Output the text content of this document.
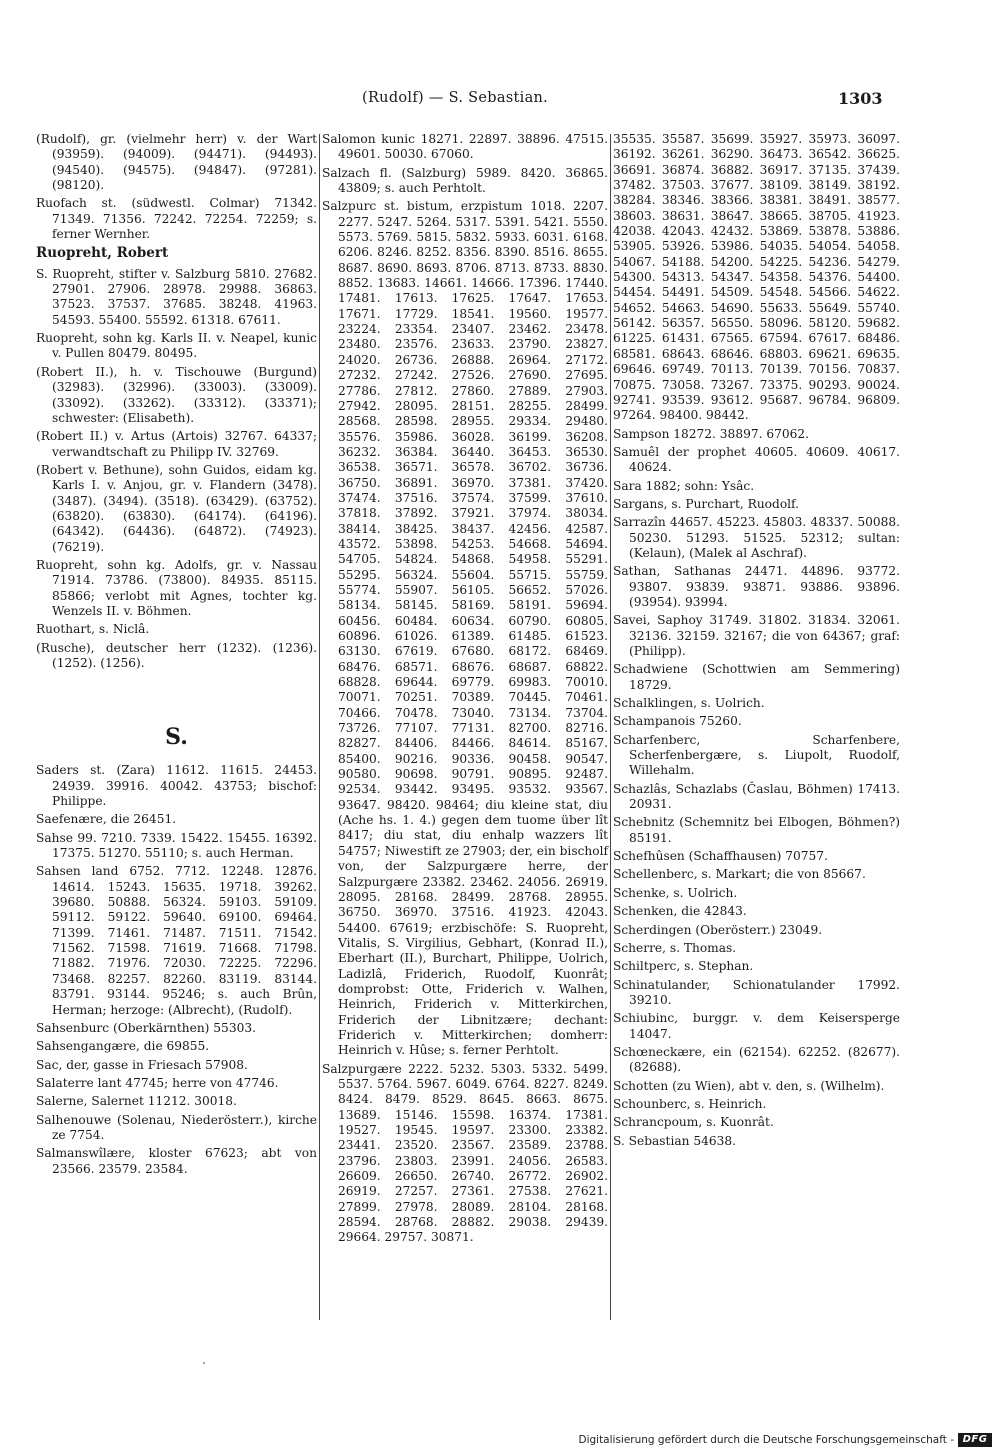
(Rudolf) — S. Sebastian.	1303
(Rudolf), gr. (vielmehr herr) v. der Wart (93959). (94009). (94471). (94493). (94540). (94575). (94847). (97281). (98120).
Ruofach st. (südwestl. Colmar) 71342. 71349. 71356. 72242. 72254. 72259; s. ferner Wernher.
Ruopreht, Robert
S. Ruopreht, stifter v. Salzburg 5810. 27682. 27901. 27906. 28978. 29988. 36863. 37523. 37537. 37685. 38248. 41963. 54593. 55400. 55592. 61318. 67611.
Ruopreht, sohn kg. Karls II. v. Neapel, kunic v. Pullen 80479. 80495.
(Robert II.), h. v. Tischouwe (Burgund) (32983). (32996). (33003). (33009). (33092). (33262). (33312). (33371); schwester: (Elisabeth).
(Robert II.) v. Artus (Artois) 32767. 64337; verwandtschaft zu Philipp IV. 32769.
(Robert v. Bethune), sohn Guidos, eidam kg. Karls I. v. Anjou, gr. v. Flandern (3478). (3487). (3494). (3518). (63429). (63752). (63820). (63830). (64174). (64196). (64342). (64436). (64872). (74923). (76219).
Ruopreht, sohn kg. Adolfs, gr. v. Nassau 71914. 73786. (73800). 84935. 85115. 85866; verlobt mit Agnes, tochter kg. Wenzels II. v. Böhmen.
Ruothart, s. Niclâ.
(Rusche), deutscher herr (1232). (1236). (1252). (1256).
S.
Saders st. (Zara) 11612. 11615. 24453. 24939. 39916. 40042. 43753; bischof: Philippe.
Saefenære, die 26451.
Sahse 99. 7210. 7339. 15422. 15455. 16392. 17375. 51270. 55110; s. auch Herman.
Sahsen land 6752. 7712. 12248. 12876. 14614. 15243. 15635. 19718. 39262. 39680. 50888. 56324. 59103. 59109. 59112. 59122. 59640. 69100. 69464. 71399. 71461. 71487. 71511. 71542. 71562. 71598. 71619. 71668. 71798. 71882. 71976. 72030. 72225. 72296. 73468. 82257. 82260. 83119. 83144. 83791. 93144. 95246; s. auch Brûn, Herman; herzoge: (Albrecht), (Rudolf).
Sahsenburc (Oberkärnthen) 55303.
Sahsengangære, die 69855.
Sac, der, gasse in Friesach 57908.
Salaterre lant 47745; herre von 47746.
Salerne, Salernet 11212. 30018.
Salhenouwe (Solenau, Niederösterr.), kirche ze 7754.
Salmanswîlære, kloster 67623; abt von 23566. 23579. 23584.
Salomon kunic 18271. 22897. 38896. 47515. 49601. 50030. 67060.
Salzach fl. (Salzburg) 5989. 8420. 36865. 43809; s. auch Perhtolt.
Salzpurc st. bistum, erzpistum 1018. 2207. 2277. 5247. 5264. 5317. 5391. 5421. 5550. 5573. 5769. 5815. 5832. 5933. 6031. 6168. 6206. 8246. 8252. 8356. 8390. 8516. 8655. 8687. 8690. 8693. 8706. 8713. 8733. 8830. 8852. 13683. 14661. 14666. 17396. 17440. 17481. 17613. 17625. 17647. 17653. 17671. 17729. 18541. 19560. 19577. 23224. 23354. 23407. 23462. 23478. 23480. 23576. 23633. 23790. 23827. 24020. 26736. 26888. 26964. 27172. 27232. 27242. 27526. 27690. 27695. 27786. 27812. 27860. 27889. 27903. 27942. 28095. 28151. 28255. 28499. 28568. 28598. 28955. 29334. 29480. 35576. 35986. 36028. 36199. 36208. 36232. 36384. 36440. 36453. 36530. 36538. 36571. 36578. 36702. 36736. 36750. 36891. 36970. 37381. 37420. 37474. 37516. 37574. 37599. 37610. 37818. 37892. 37921. 37974. 38034. 38414. 38425. 38437. 42456. 42587. 43572. 53898. 54253. 54668. 54694. 54705. 54824. 54868. 54958. 55291. 55295. 56324. 55604. 55715. 55759. 55774. 55907. 56105. 56652. 57026. 58134. 58145. 58169. 58191. 59694. 60456. 60484. 60634. 60790. 60805. 60896. 61026. 61389. 61485. 61523. 63130. 67619. 67680. 68172. 68469. 68476. 68571. 68676. 68687. 68822. 68828. 69644. 69779. 69983. 70010. 70071. 70251. 70389. 70445. 70461. 70466. 70478. 73040. 73134. 73704. 73726. 77107. 77131. 82700. 82716. 82827. 84406. 84466. 84614. 85167. 85400. 90216. 90336. 90458. 90547. 90580. 90698. 90791. 90895. 92487. 92534. 93442. 93495. 93532. 93567. 93647. 98420. 98464; diu kleine stat, diu (Ache hs. 1. 4.) gegen dem tuome über lît 8417; diu stat, diu enhalp wazzers lît 54757; Niwestift ze 27903; der, ein bischolf von, der Salzpurgære herre, der Salzpurgære 23382. 23462. 24056. 26919. 28095. 28168. 28499. 28768. 28955. 36750. 36970. 37516. 41923. 42043. 54400. 67619; erzbischöfe: S. Ruopreht, Vitalis, S. Virgilius, Gebhart, (Konrad II.), Eberhart (II.), Burchart, Philippe, Uolrich, Ladizlâ, Friderich, Ruodolf, Kuonrât; domprobst: Otte, Friderich v. Walhen, Heinrich, Friderich v. Mitterkirchen, Friderich der Libnitzære; dechant: Friderich v. Mitterkirchen; domherr: Heinrich v. Hûse; s. ferner Perhtolt.
Salzpurgære 2222. 5232. 5303. 5332. 5499. 5537. 5764. 5967. 6049. 6764. 8227. 8249. 8424. 8479. 8529. 8645. 8663. 8675. 13689. 15146. 15598. 16374. 17381. 19527. 19545. 19597. 23300. 23382. 23441. 23520. 23567. 23589. 23788. 23796. 23803. 23991. 24056. 26583. 26609. 26650. 26740. 26772. 26902. 26919. 27257. 27361. 27538. 27621. 27899. 27978. 28089. 28104. 28168. 28594. 28768. 28882. 29038. 29439. 29664. 29757. 30871.
35535. 35587. 35699. 35927. 35973. 36097. 36192. 36261. 36290. 36473. 36542. 36625. 36691. 36874. 36882. 36917. 37135. 37439. 37482. 37503. 37677. 38109. 38149. 38192. 38284. 38346. 38366. 38381. 38491. 38577. 38603. 38631. 38647. 38665. 38705. 41923. 42038. 42043. 42432. 53869. 53878. 53886. 53905. 53926. 53986. 54035. 54054. 54058. 54067. 54188. 54200. 54225. 54236. 54279. 54300. 54313. 54347. 54358. 54376. 54400. 54454. 54491. 54509. 54548. 54566. 54622. 54652. 54663. 54690. 55633. 55649. 55740. 56142. 56357. 56550. 58096. 58120. 59682. 61225. 61431. 67565. 67594. 67617. 68486. 68581. 68643. 68646. 68803. 69621. 69635. 69646. 69749. 70113. 70139. 70156. 70837. 70875. 73058. 73267. 73375. 90293. 90024. 92741. 93539. 93612. 95687. 96784. 96809. 97264. 98400. 98442.
Sampson 18272. 38897. 67062.
Samuêl der prophet 40605. 40609. 40617. 40624.
Sara 1882; sohn: Ysâc.
Sargans, s. Purchart, Ruodolf.
Sarrazîn 44657. 45223. 45803. 48337. 50088. 50230. 51293. 51525. 52312; sultan: (Kelaun), (Malek al Aschraf).
Sathan, Sathanas 24471. 44896. 93772. 93807. 93839. 93871. 93886. 93896. (93954). 93994.
Savei, Saphoy 31749. 31802. 31834. 32061. 32136. 32159. 32167; die von 64367; graf: (Philipp).
Schadwiene (Schottwien am Semmering) 18729.
Schalklingen, s. Uolrich.
Schampanois 75260.
Scharfenberc, Scharfenbere, Scherfenbergære, s. Liupolt, Ruodolf, Willehalm.
Schazlâs, Schazlabs (Časlau, Böhmen) 17413. 20931.
Schebnitz (Schemnitz bei Elbogen, Böhmen?) 85191.
Schefhûsen (Schaffhausen) 70757.
Schellenberc, s. Markart; die von 85667.
Schenke, s. Uolrich.
Schenken, die 42843.
Scherdingen (Oberösterr.) 23049.
Scherre, s. Thomas.
Schiltperc, s. Stephan.
Schinatulander, Schionatulander 17992. 39210.
Schiubinc, burggr. v. dem Keisersperge 14047.
Schœneckære, ein (62154). 62252. (82677). (82688).
Schotten (zu Wien), abt v. den, s. (Wilhelm).
Schounberc, s. Heinrich.
Schrancpoum, s. Kuonrât.
S. Sebastian 54638.
Digitalisierung gefördert durch die Deutsche Forschungsgemeinschaft - DFG
